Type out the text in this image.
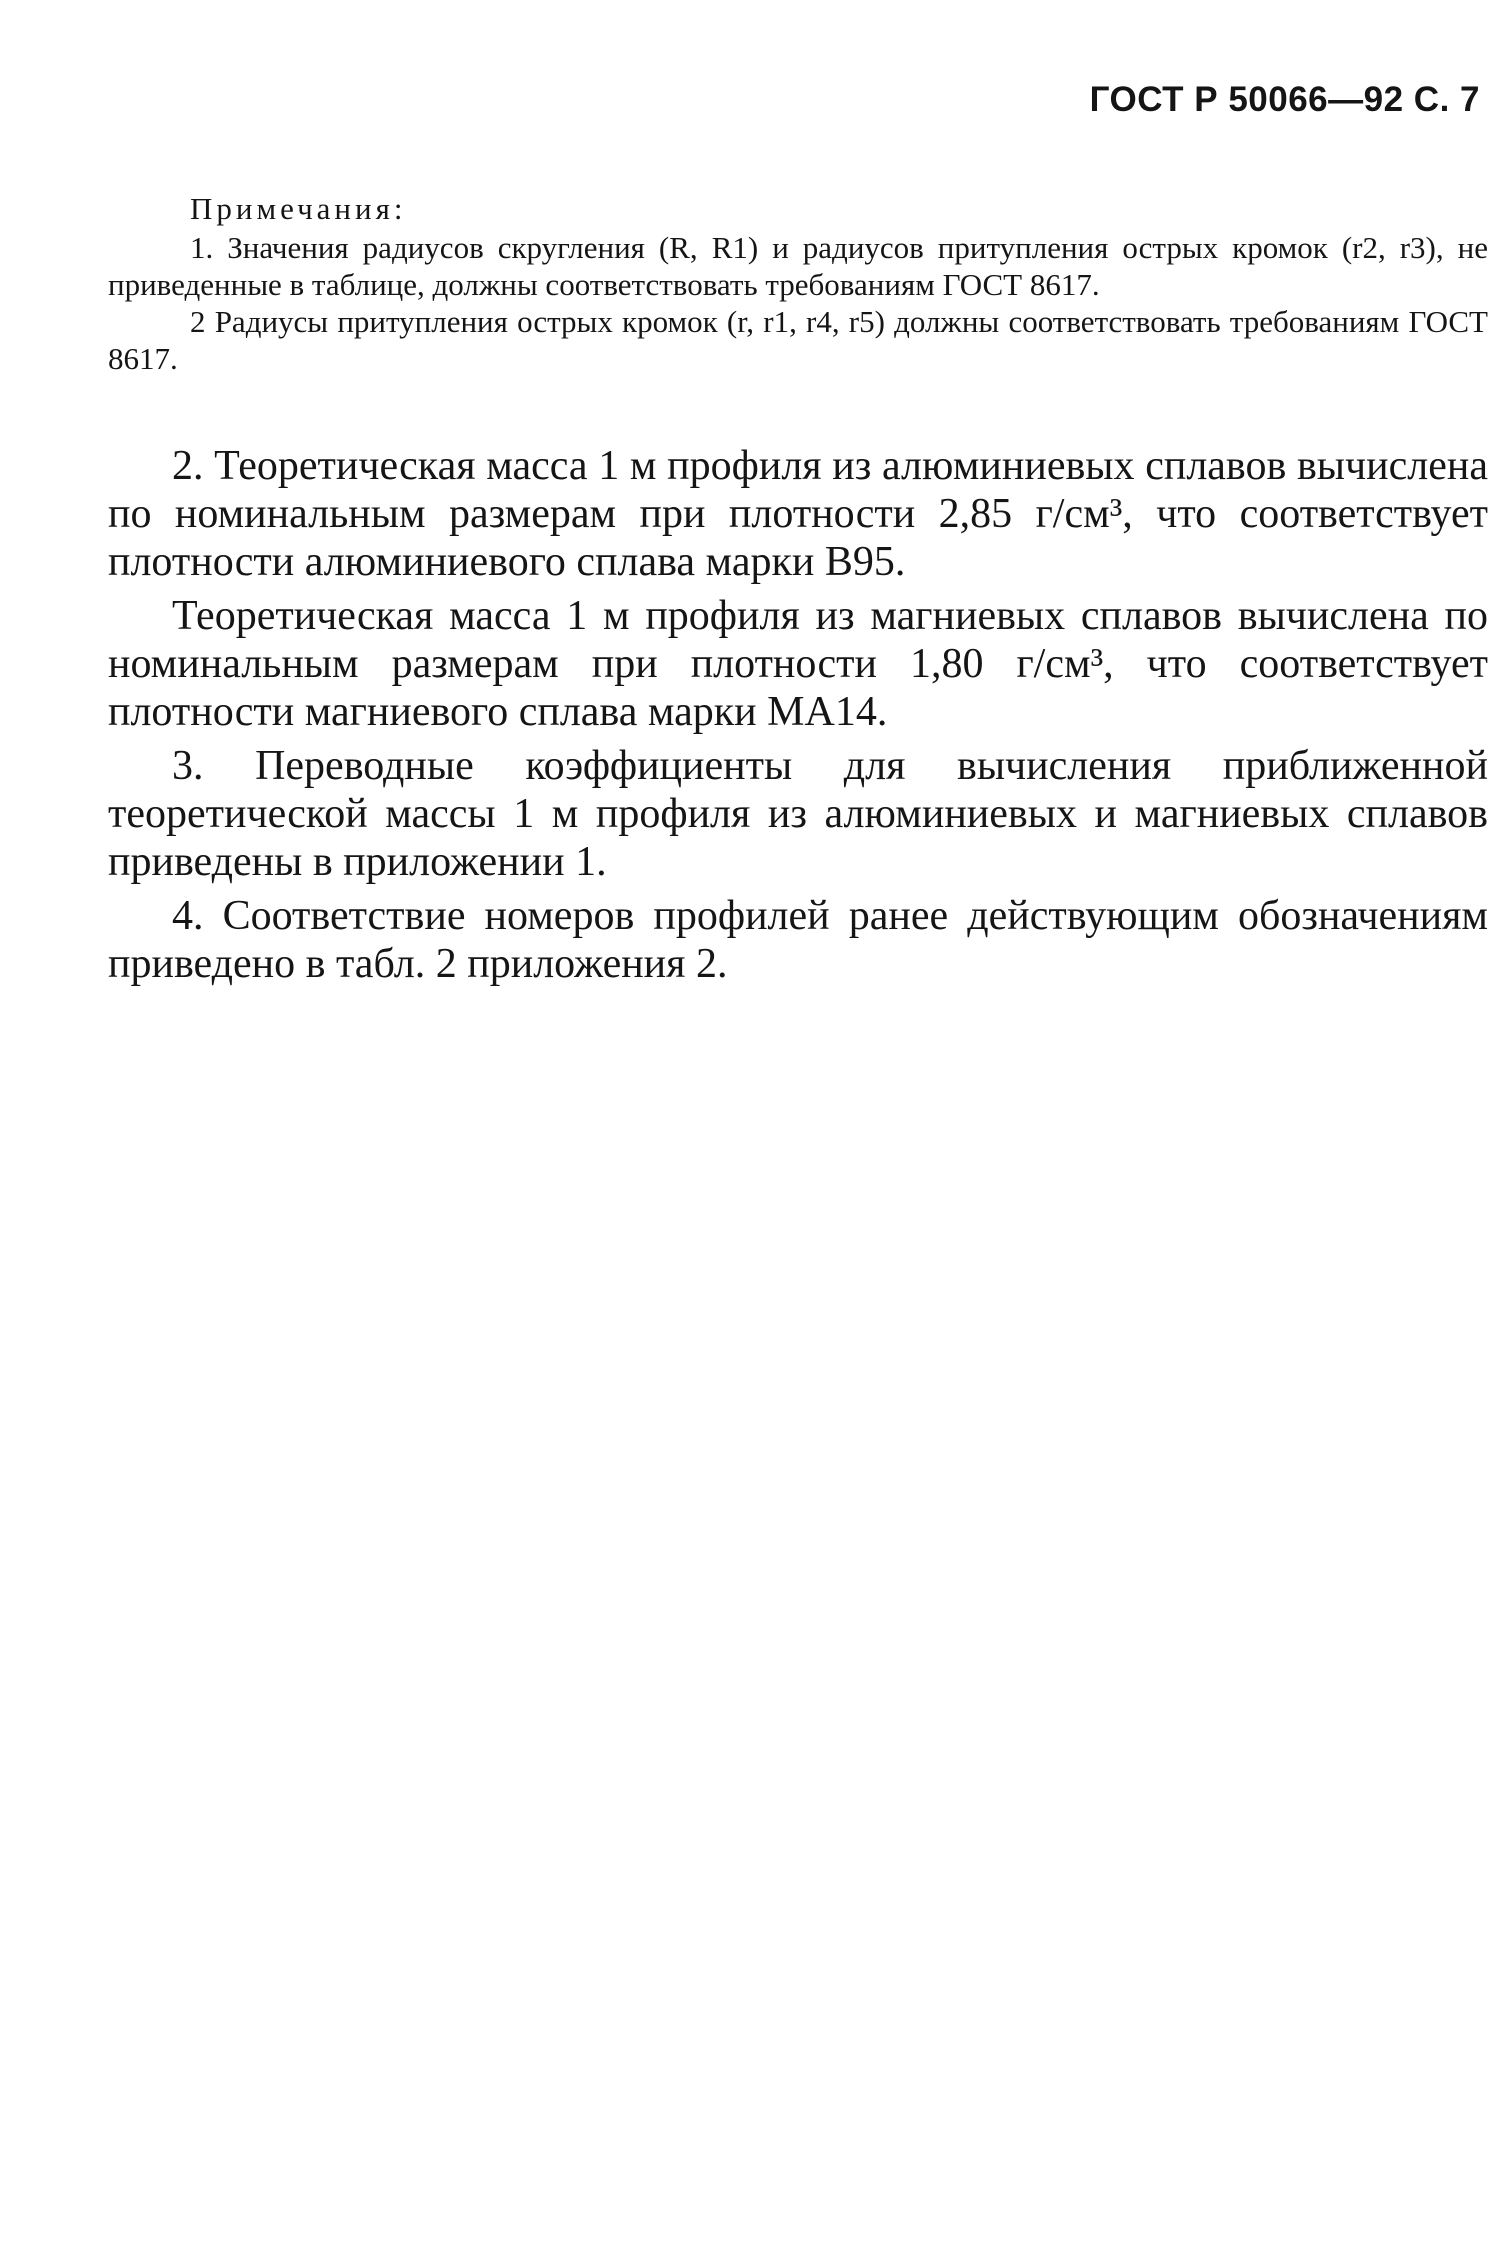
ГОСТ Р 50066—92 С. 7

Примечания:

1. Значения радиусов скругления (R, R1) и радиусов притупления острых кромок (r2, r3), не приведенные в таблице, должны соответствовать требованиям ГОСТ 8617.

2 Радиусы притупления острых кромок (r, r1, r4, r5) должны соответствовать требованиям ГОСТ 8617.

2. Теоретическая масса 1 м профиля из алюминиевых сплавов вычислена по номинальным размерам при плотности 2,85 г/см³, что соответствует плотности алюминиевого сплава марки В95.

Теоретическая масса 1 м профиля из магниевых сплавов вычислена по номинальным размерам при плотности 1,80 г/см³, что соответствует плотности магниевого сплава марки МА14.

3. Переводные коэффициенты для вычисления приближенной теоретической массы 1 м профиля из алюминиевых и магниевых сплавов приведены в приложении 1.

4. Соответствие номеров профилей ранее действующим обозначениям приведено в табл. 2 приложения 2.
